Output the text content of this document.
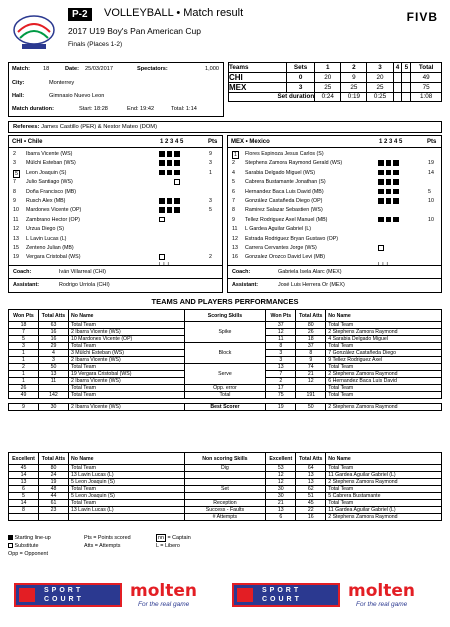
P-2	VOLLEYBALL • Match result
2017 U19 Boy's Pan American Cup
Finals (Places 1-2)
FIVB
Match: 18	Date: 25/03/2017	Spectators:	1,000
City:	Monterrey
Hall:	Gimnasio Nuevo Leon
Match duration:	Start: 18:28	End: 19:42	Total: 1:14
Teams	Sets	1	2	3	4	5	Total
CHI	0	20	9	20			49
MEX	3	25	25	25			75
Set duration		0:24	0:19	0:25			1:08
Referees: James Castillo (PER) & Nestor Mateo (DOM)
CHI • Chile	1 2 3 4 5	Pts
2 Ibarra Vicente (WS)	9
3 Mülchi Esteban (WS)	3
5	Leon Joaquin (S)	1
7 Julio Santiago (WS)
8 Doña Francisco (MB)
9 Rusch Alex (MB)	3
10 Mardones Vicente (OP)	5
11 Zambrano Hector (OP)
12 Urzua Diego (S)
13 L Lavin Lucas (L)
15 Zenteno Julian (MB)
19 Vergara Cristobal (WS)	2
L L L
Coach:	Iván Villarreal (CHI)
Assistant:	Rodrigo Urriola (CHI)
MEX • Mexico	1 2 3 4 5	Pts
1	Flores Espinoza Jesus Carlos (S)
2 Stephens Zamora Raymond Gerald (WS)	19
4 Sarabia Delgado Miguel (WS)	14
5 Cabrera Bustamante Jonathan (S)
6 Hernandez Baca Luis David (MB)	5
7 González Castañeda Diego (OP)	10
8 Ramirez Salazar Sebastien (WS)
9 Tellez Rodriguez Axel Manuel (MB)	10
11 L Gardea Aguilar Gabriel (L)
12 Estrada Rodriguez Bryan Gustavo (OP)
13 Carrera Cervantes Jorge (WS)
16 Gonzalez Orozco David Levi (MB)
L L L
Coach:	Gabriela Isela Alarc (MEX)
Assistant:	José Luis Herrera Or (MEX)
TEAMS AND PLAYERS PERFORMANCES
Won Pts	Total Atts	No Name	Scoring Skills	Won Pts	Total Atts	No Name
18	63	Total Team	Spike	37	80	Total Team
7	16	2 Ibarra Vicente (WS)		12	26	2 Stephens Zamora Raymond
5	16	10 Mardones Vicente (OP)		11	18	4 Sarabia Delgado Miguel
3	29	Total Team	Block	8	37	Total Team
1	4	3 Mülchi Esteban (WS)		3	8	7 González Castañeda Diego
1	3	2 Ibarra Vicente (WS)		3	9	9 Tellez Rodriguez Axel
2	50	Total Team	Serve	13	74	Total Team
1	13	19 Vergara Cristobal (WS)		7	21	2 Stephens Zamora Raymond
1	11	2 Ibarra Vicente (WS)		2	12	6 Hernandez Baca Luis David
26		Total Team	Opp. error	17		Total Team
49	142	Total Team	Total	75	191	Total Team

9	30	2 Ibarra Vicente (WS)	Best Scorer	19	50	2 Stephens Zamora Raymond
Excellent	Total Atts	No Name	Non scoring Skills	Excellent	Total Atts	No Name
45	80	Total Team	Dig	53	64	Total Team
14	24	13 Lavin Lucas (L)		12	13	11 Gardea Aguilar Gabriel (L)
13	19	5 Leon Joaquin (S)		12	13	2 Stephens Zamora Raymond
6	48	Total Team	Set	30	62	Total Team
5	44	5 Leon Joaquin (S)		30	51	5 Cabrera Bustamante
14	61	Total Team	Reception	21	45	Total Team
8	23	13 Lavin Lucas (L)	Success - Faults	13	22	11 Gardea Aguilar Gabriel (L)
			# Attempts	6	16	2 Stephens Zamora Raymond
Starting line-up
Substitute
Opp = Opponent
Pts = Points scored
Atts = Attempts
nn = Captain
L = Libero
SPORT
COURT	molten
For the real game
SPORT
COURT	molten
For the real game
